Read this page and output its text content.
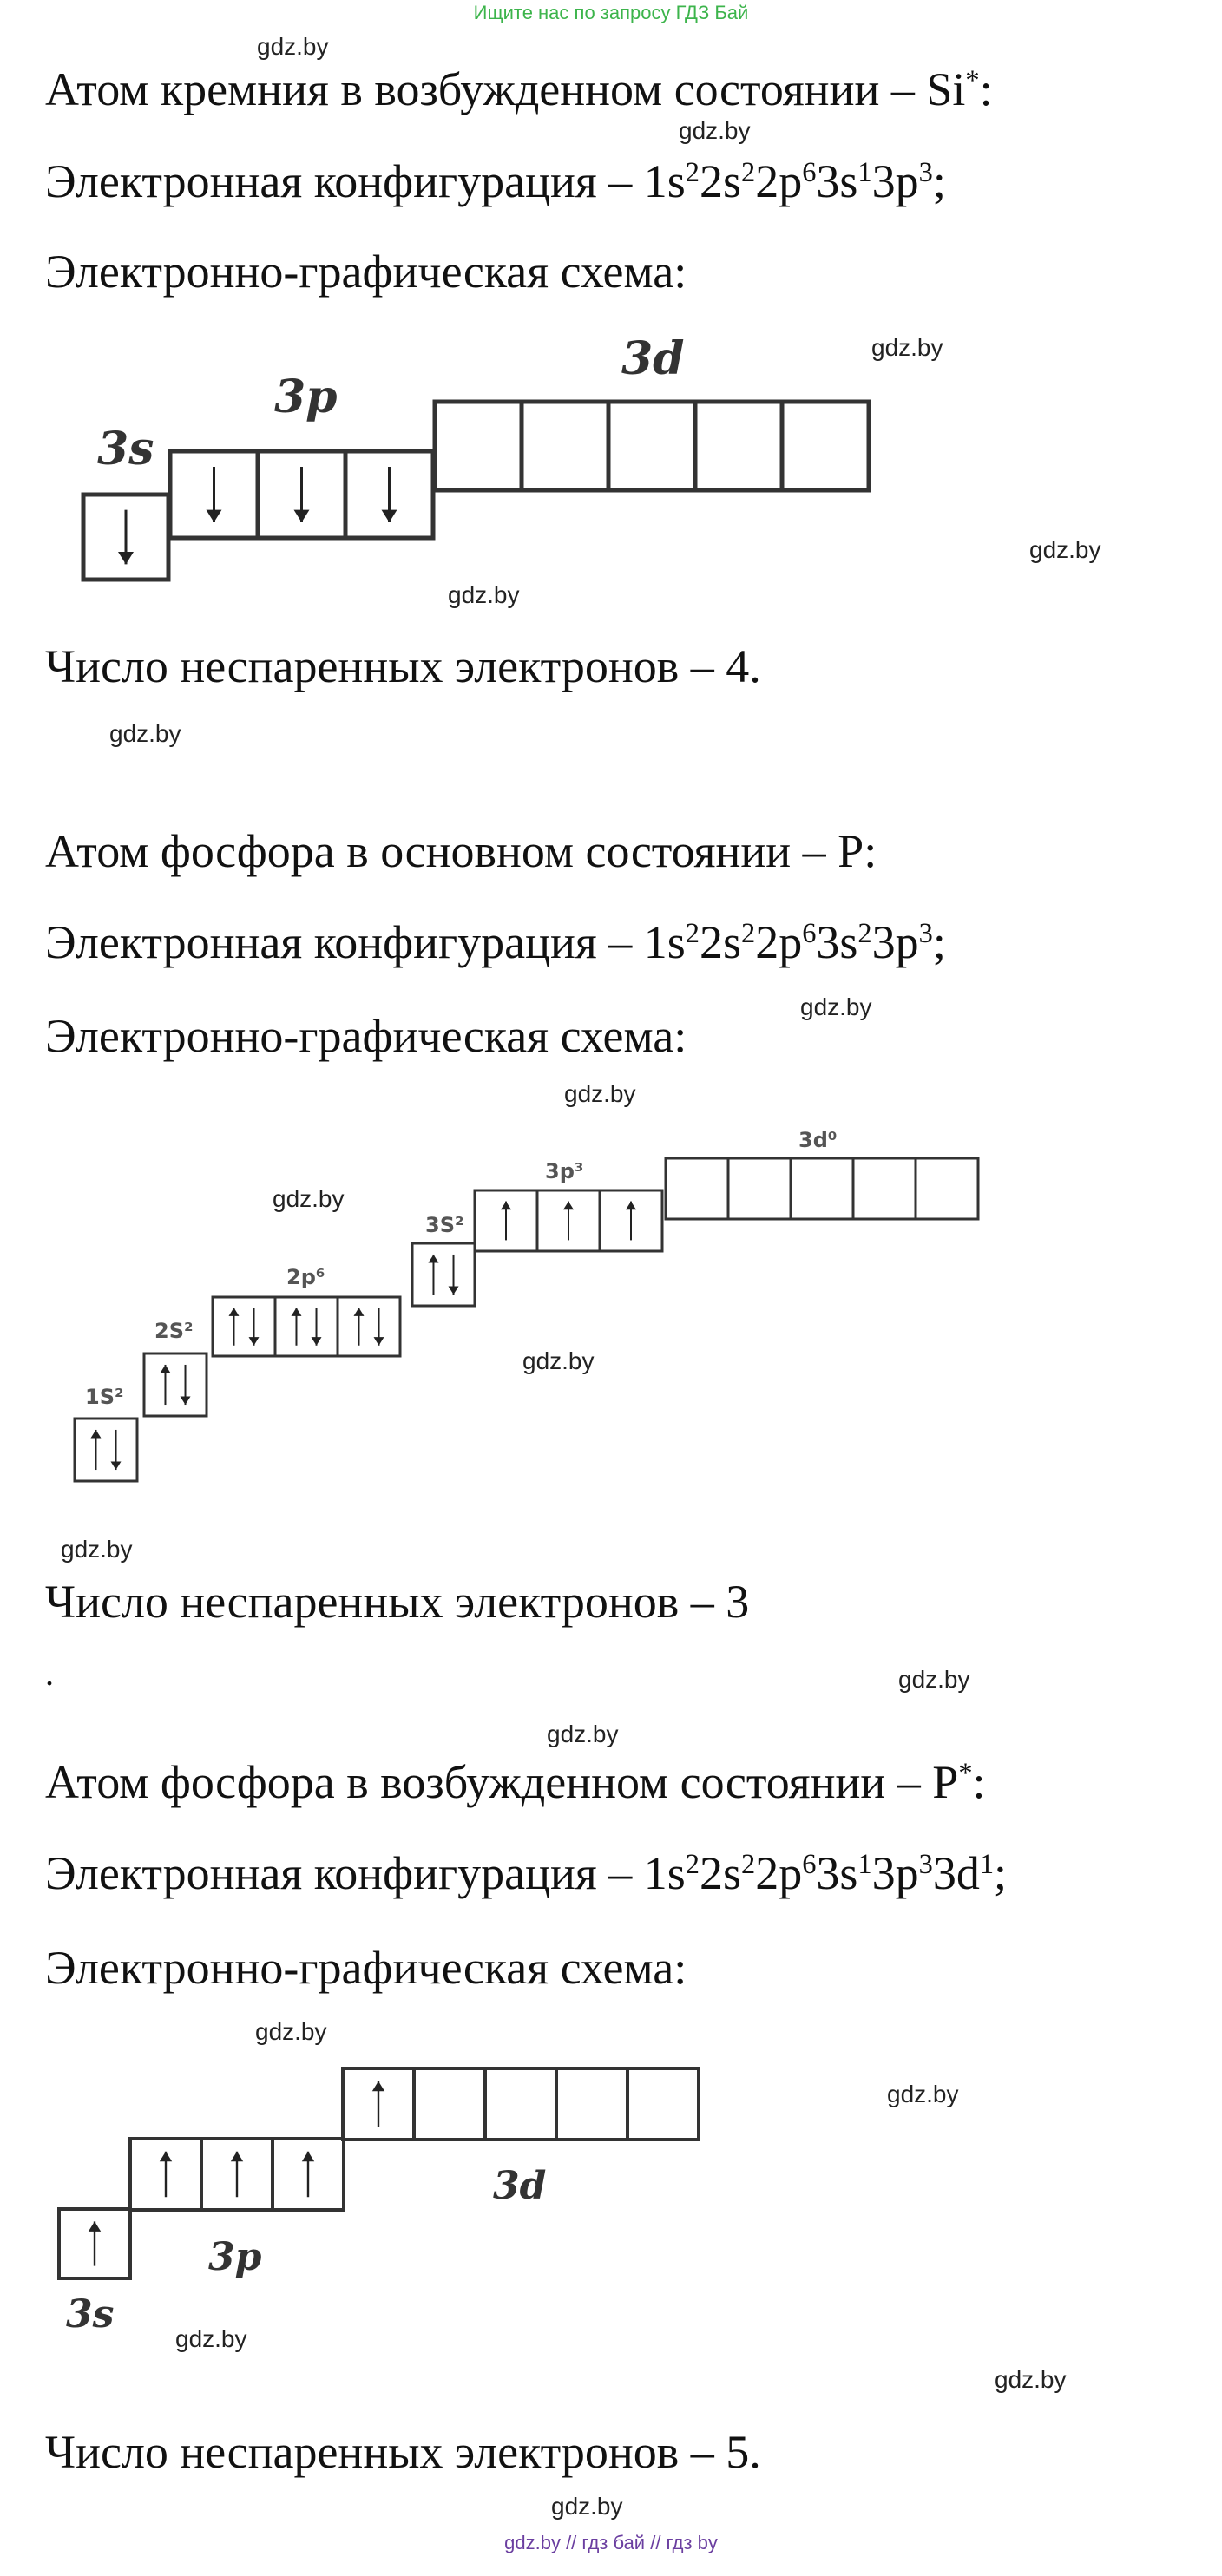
Ищите нас по запросу ГДЗ Бай
gdz.by // гдз бай // гдз by
gdz.by
gdz.by
gdz.by
gdz.by
gdz.by
gdz.by
gdz.by
gdz.by
gdz.by
gdz.by
gdz.by
gdz.by
gdz.by
gdz.by
gdz.by
gdz.by
gdz.by
gdz.by
Атом кремния в возбужденном состоянии – Si*:
Электронная конфигурация – $1s^22s^22p^63s^13p^3$;
Электронно-графическая схема:
3s
3p
3d
Число неспаренных электронов – 4.
Атом фосфора в основном состоянии – P:
Электронная конфигурация – $1s^22s^22p^63s^23p^3$;
Электронно-графическая схема:
1S²
2S²
2p⁶
3S²
3p³
3d⁰
Число неспаренных электронов – 3
.
Атом фосфора в возбужденном состоянии – P*:
Электронная конфигурация – $1s^22s^22p^63s^13p^33d^1$;
Электронно-графическая схема:
3s
3p
3d
Число неспаренных электронов – 5.
